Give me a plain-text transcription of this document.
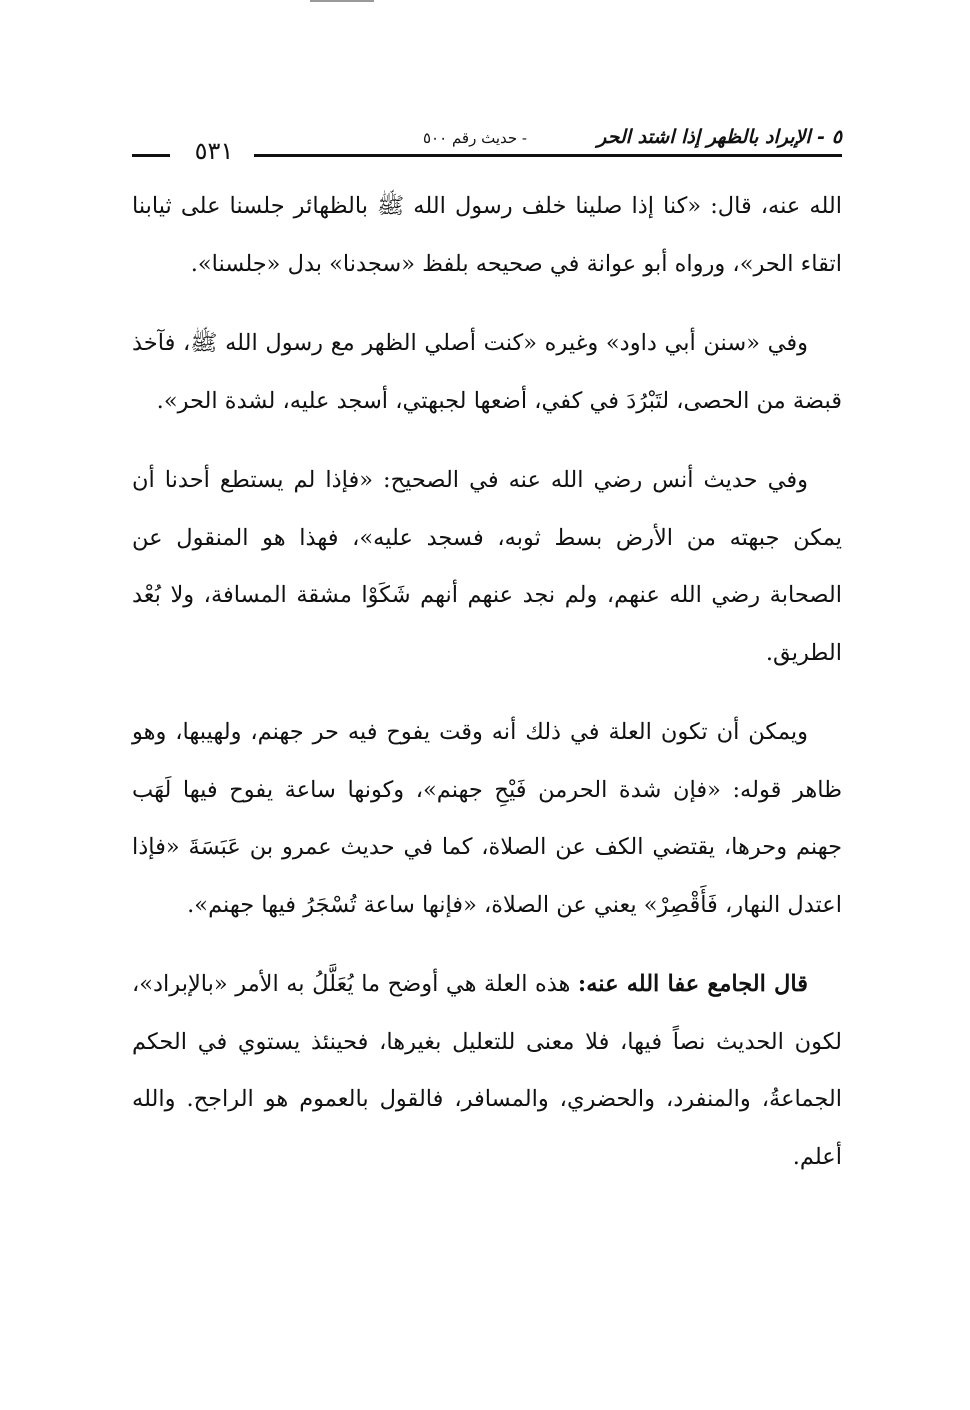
٥ - الإبراد بالظهر إذا اشتد الحر
- حديث رقم ٥٠٠
٥٣١

الله عنه، قال: «كنا إذا صلينا خلف رسول الله ﷺ بالظهائر جلسنا على ثيابنا اتقاء الحر»، ورواه أبو عوانة في صحيحه بلفظ «سجدنا» بدل «جلسنا».

وفي «سنن أبي داود» وغيره «كنت أصلي الظهر مع رسول الله ﷺ، فآخذ قبضة من الحصى، لتَبْرُدَ في كفي، أضعها لجبهتي، أسجد عليه، لشدة الحر».

وفي حديث أنس رضي الله عنه في الصحيح: «فإذا لم يستطع أحدنا أن يمكن جبهته من الأرض بسط ثوبه، فسجد عليه»، فهذا هو المنقول عن الصحابة رضي الله عنهم، ولم نجد عنهم أنهم شَكَوْا مشقة المسافة، ولا بُعْد الطريق.

ويمكن أن تكون العلة في ذلك أنه وقت يفوح فيه حر جهنم، ولهيبها، وهو ظاهر قوله: «فإن شدة الحرمن فَيْحِ جهنم»، وكونها ساعة يفوح فيها لَهَب جهنم وحرها، يقتضي الكف عن الصلاة، كما في حديث عمرو بن عَبَسَةَ «فإذا اعتدل النهار، فَأَقْصِرْ» يعني عن الصلاة، «فإنها ساعة تُسْجَرُ فيها جهنم».

قال الجامع عفا الله عنه: هذه العلة هي أوضح ما يُعَلَّلُ به الأمر «بالإبراد»، لكون الحديث نصاً فيها، فلا معنى للتعليل بغيرها، فحينئذ يستوي في الحكم الجماعةُ، والمنفرد، والحضري، والمسافر، فالقول بالعموم هو الراجح. والله أعلم.
